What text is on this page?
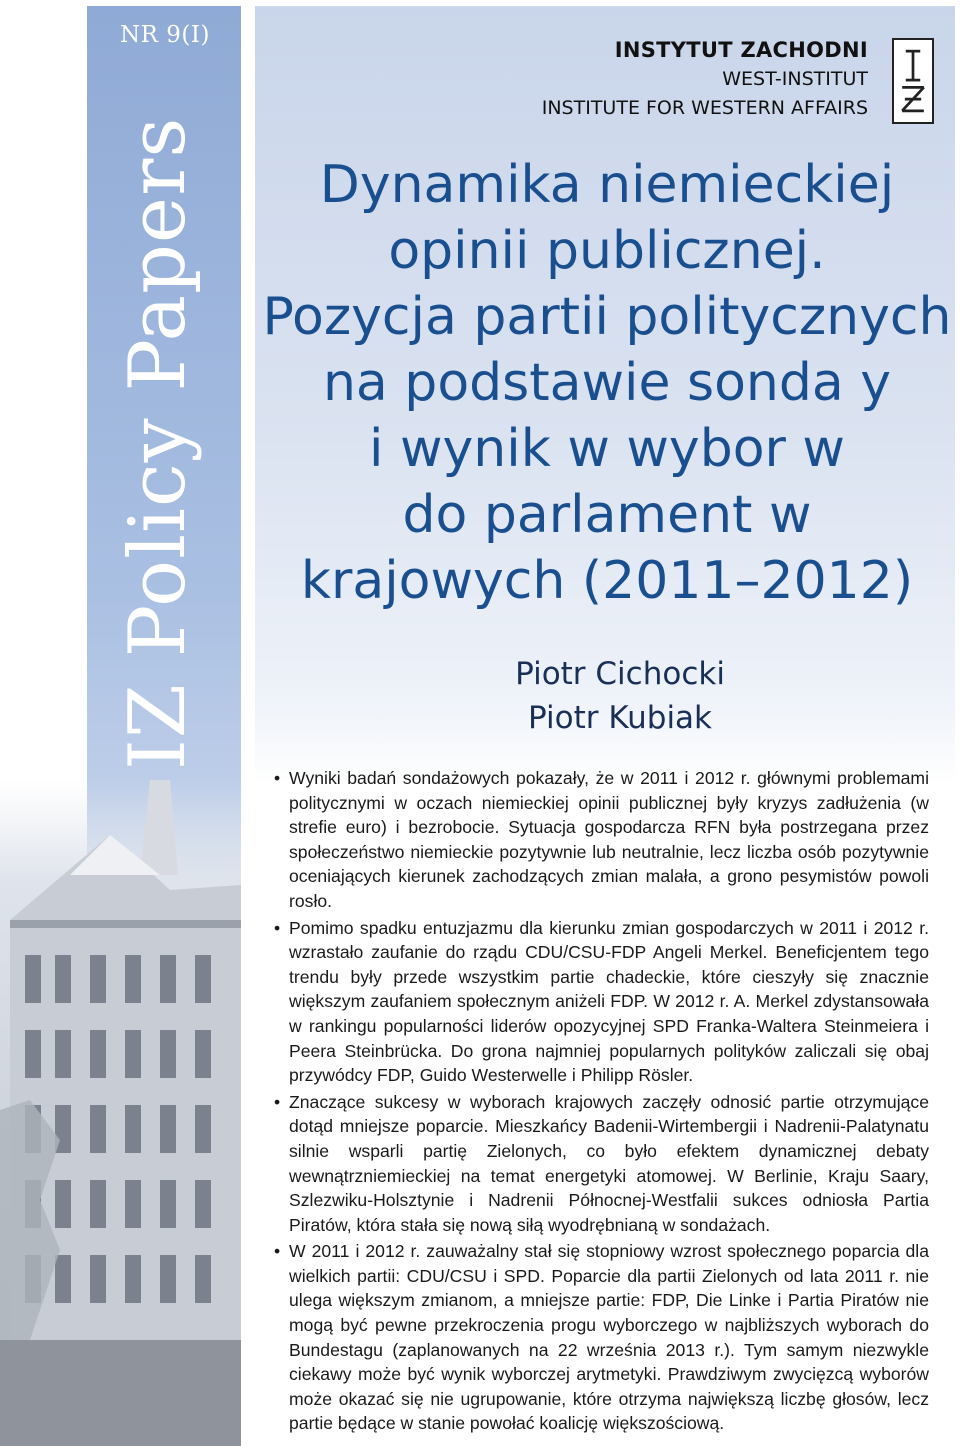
NR 9(I)
IZ Policy Papers
INSTYTUT ZACHODNI
WEST-INSTITUT
INSTITUTE FOR WESTERN AFFAIRS
Dynamika niemieckiej
opinii publicznej.
Pozycja partii politycznych
na podstawie sonda y
i wynik w wybor w
do parlament w
krajowych (2011–2012)
Piotr Cichocki
Piotr Kubiak
• Wyniki badań sondażowych pokazały, że w 2011 i 2012 r. głównymi problemami politycznymi w oczach niemieckiej opinii publicznej były kryzys zadłużenia (w strefie euro) i bezrobocie. Sytuacja gospodarcza RFN była postrzegana przez społeczeństwo niemieckie pozytywnie lub neutralnie, lecz liczba osób pozytywnie oceniających kierunek zachodzących zmian malała, a grono pesymistów powoli rosło.
• Pomimo spadku entuzjazmu dla kierunku zmian gospodarczych w 2011 i 2012 r. wzrastało zaufanie do rządu CDU/CSU-FDP Angeli Merkel. Beneficjentem tego trendu były przede wszystkim partie chadeckie, które cieszyły się znacznie większym zaufaniem społecznym aniżeli FDP. W 2012 r. A. Merkel zdystansowała w rankingu popularności liderów opozycyjnej SPD Franka-Waltera Steinmeiera i Peera Steinbrücka. Do grona najmniej popularnych polityków zaliczali się obaj przywódcy FDP, Guido Westerwelle i Philipp Rösler.
• Znaczące sukcesy w wyborach krajowych zaczęły odnosić partie otrzymujące dotąd mniejsze poparcie. Mieszkańcy Badenii-Wirtembergii i Nadrenii-Palatynatu silnie wsparli partię Zielonych, co było efektem dynamicznej debaty wewnątrzniemieckiej na temat energetyki atomowej. W Berlinie, Kraju Saary, Szlezwiku-Holsztynie i Nadrenii Północnej-Westfalii sukces odniosła Partia Piratów, która stała się nową siłą wyodrębnianą w sondażach.
• W 2011 i 2012 r. zauważalny stał się stopniowy wzrost społecznego poparcia dla wielkich partii: CDU/CSU i SPD. Poparcie dla partii Zielonych od lata 2011 r. nie ulega większym zmianom, a mniejsze partie: FDP, Die Linke i Partia Piratów nie mogą być pewne przekroczenia progu wyborczego w najbliższych wyborach do Bundestagu (zaplanowanych na 22 września 2013 r.). Tym samym niezwykle ciekawy może być wynik wyborczej arytmetyki. Prawdziwym zwycięzcą wyborów może okazać się nie ugrupowanie, które otrzyma największą liczbę głosów, lecz partie będące w stanie powołać koalicję większościową.
